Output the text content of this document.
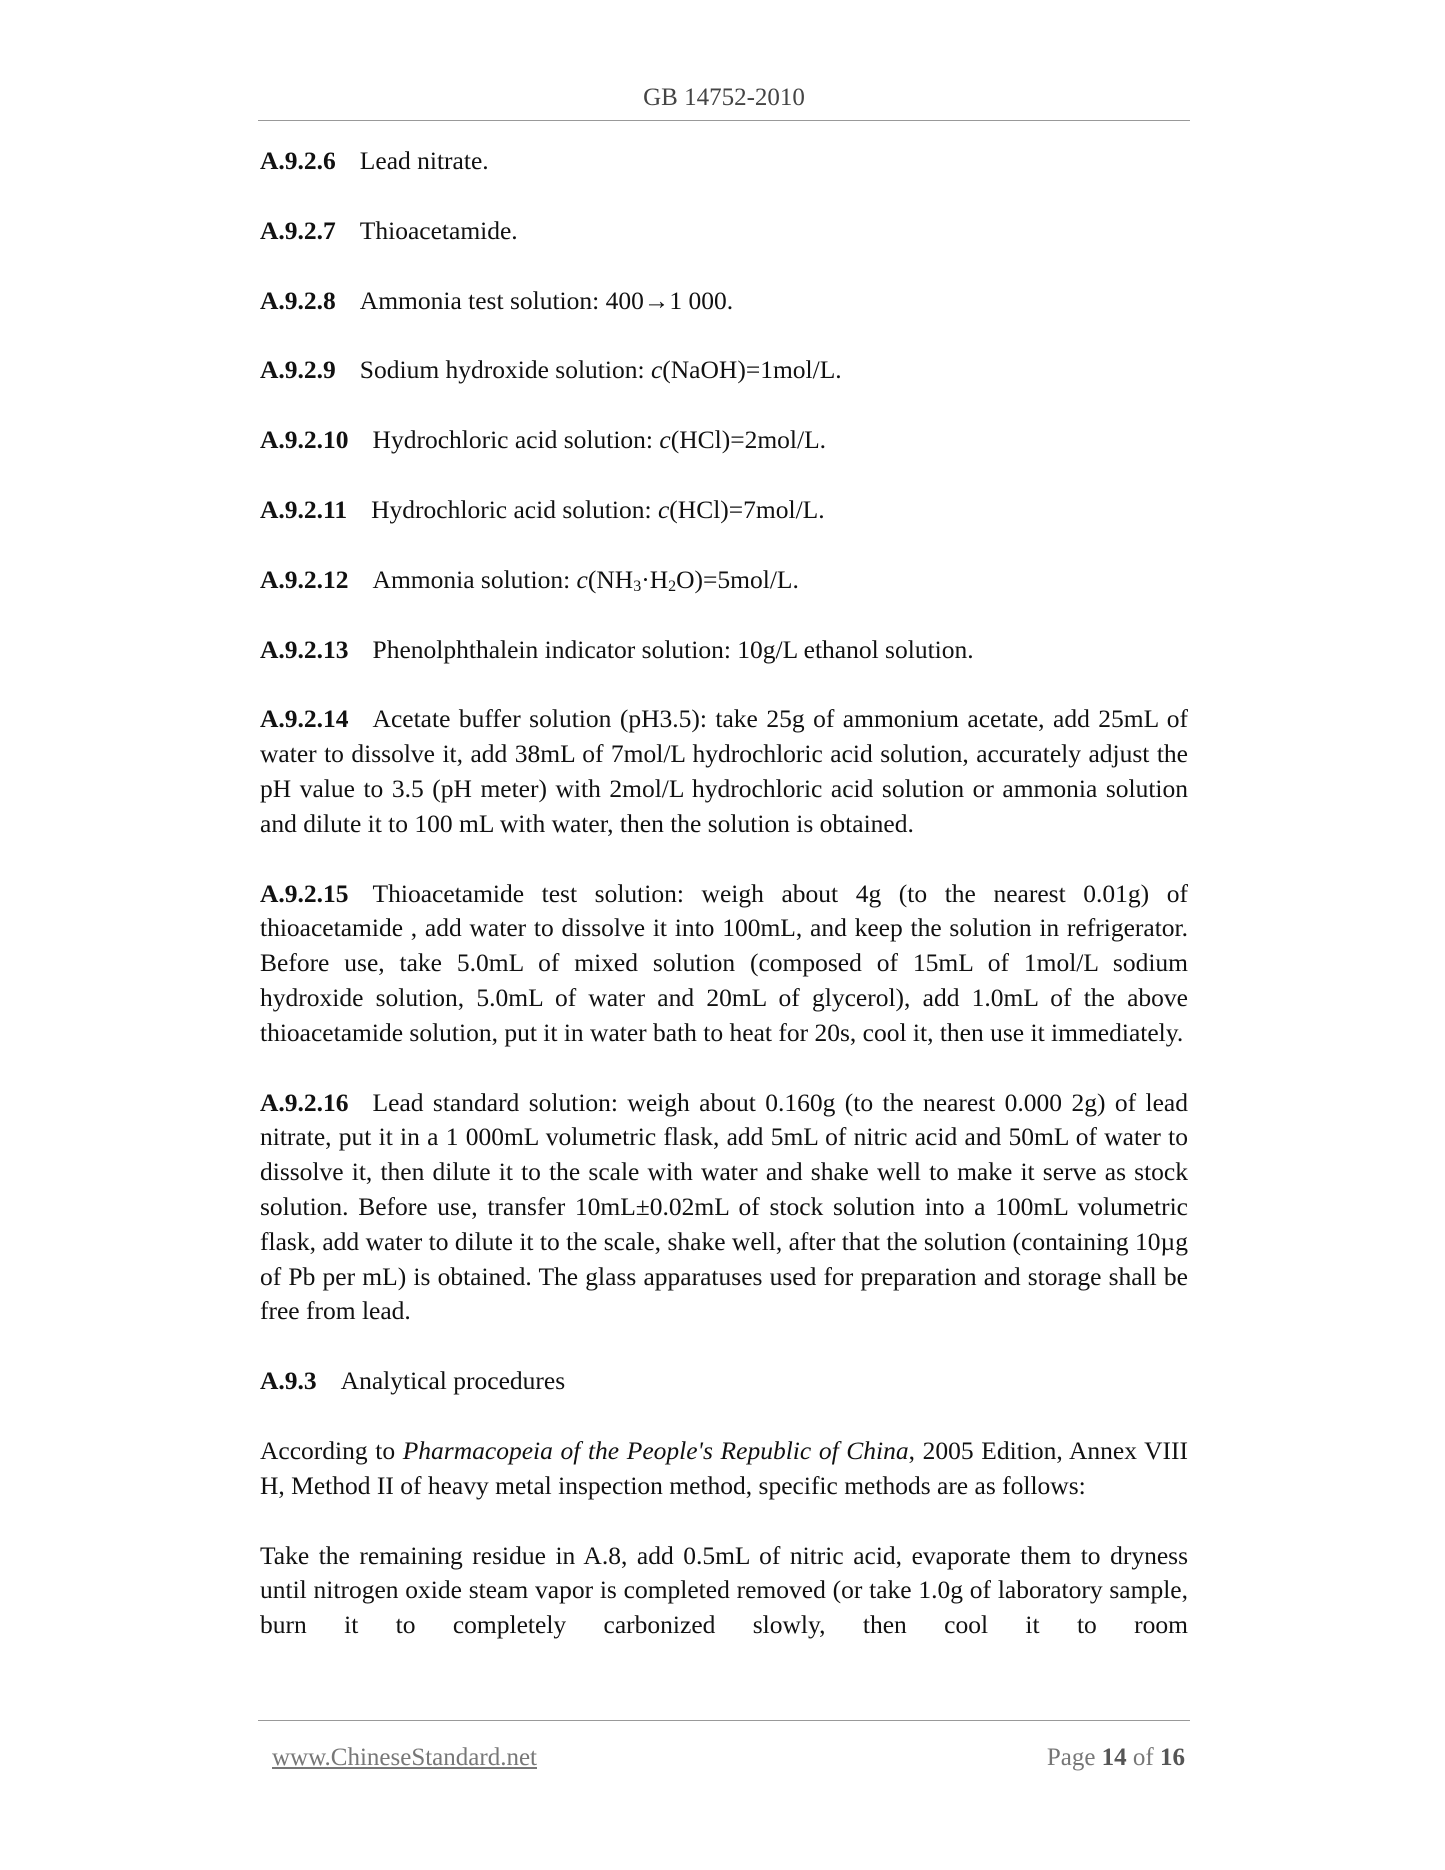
GB 14752-2010

A.9.2.6 Lead nitrate.

A.9.2.7 Thioacetamide.

A.9.2.8 Ammonia test solution: 400→1 000.

A.9.2.9 Sodium hydroxide solution: c(NaOH)=1mol/L.

A.9.2.10 Hydrochloric acid solution: c(HCl)=2mol/L.

A.9.2.11 Hydrochloric acid solution: c(HCl)=7mol/L.

A.9.2.12 Ammonia solution: $c(NH_3\cdot H_2O)=5mol/L$.

A.9.2.13 Phenolphthalein indicator solution: 10g/L ethanol solution.

A.9.2.14 Acetate buffer solution (pH3.5): take 25g of ammonium acetate, add 25mL of water to dissolve it, add 38mL of 7mol/L hydrochloric acid solution, accurately adjust the pH value to 3.5 (pH meter) with 2mol/L hydrochloric acid solution or ammonia solution and dilute it to 100 mL with water, then the solution is obtained.
A.9.2.15 Thioacetamide test solution: weigh about 4g (to the nearest 0.01g) of thioacetamide , add water to dissolve it into 100mL, and keep the solution in refrigerator. Before use, take 5.0mL of mixed solution (composed of 15mL of 1mol/L sodium hydroxide solution, 5.0mL of water and 20mL of glycerol), add 1.0mL of the above thioacetamide solution, put it in water bath to heat for 20s, cool it, then use it immediately.
A.9.2.16 Lead standard solution: weigh about 0.160g (to the nearest 0.000 2g) of lead nitrate, put it in a 1 000mL volumetric flask, add 5mL of nitric acid and 50mL of water to dissolve it, then dilute it to the scale with water and shake well to make it serve as stock solution. Before use, transfer 10mL±0.02mL of stock solution into a 100mL volumetric flask, add water to dilute it to the scale, shake well, after that the solution (containing 10µg of Pb per mL) is obtained. The glass apparatuses used for preparation and storage shall be free from lead.

A.9.3 Analytical procedures

According to Pharmacopeia of the People's Republic of China, 2005 Edition, Annex VIII H, Method II of heavy metal inspection method, specific methods are as follows:
Take the remaining residue in A.8, add 0.5mL of nitric acid, evaporate them to dryness until nitrogen oxide steam vapor is completed removed (or take 1.0g of laboratory sample, burn it to completely carbonized slowly, then cool it to room
www.ChineseStandard.net	Page 14 of 16
